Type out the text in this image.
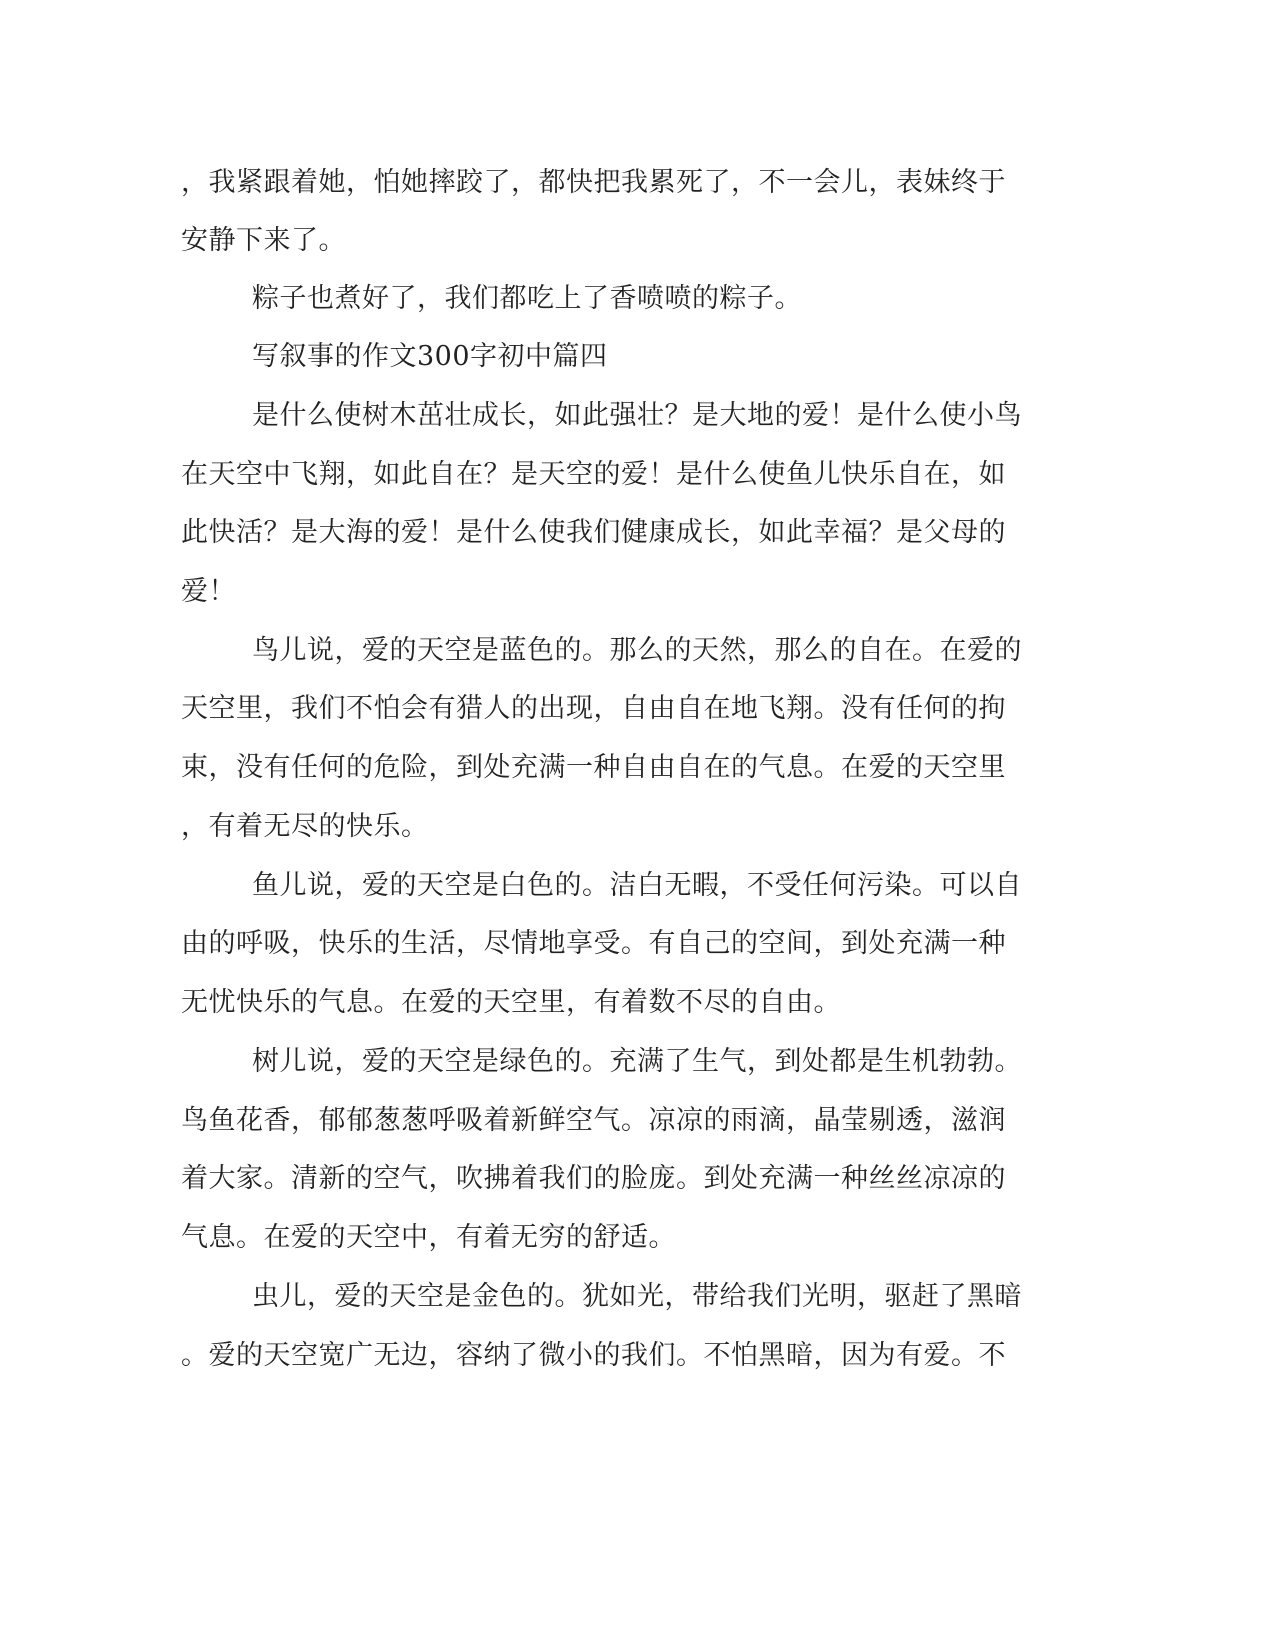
，我紧跟着她，怕她摔跤了，都快把我累死了，不一会儿，表妹终于
安静下来了。
粽子也煮好了，我们都吃上了香喷喷的粽子。
写叙事的作文300字初中篇四
是什么使树木茁壮成长，如此强壮？是大地的爱！是什么使小鸟
在天空中飞翔，如此自在？是天空的爱！是什么使鱼儿快乐自在，如
此快活？是大海的爱！是什么使我们健康成长，如此幸福？是父母的
爱！
鸟儿说，爱的天空是蓝色的。那么的天然，那么的自在。在爱的
天空里，我们不怕会有猎人的出现，自由自在地飞翔。没有任何的拘
束，没有任何的危险，到处充满一种自由自在的气息。在爱的天空里
，有着无尽的快乐。
鱼儿说，爱的天空是白色的。洁白无暇，不受任何污染。可以自
由的呼吸，快乐的生活，尽情地享受。有自己的空间，到处充满一种
无忧快乐的气息。在爱的天空里，有着数不尽的自由。
树儿说，爱的天空是绿色的。充满了生气，到处都是生机勃勃。
鸟鱼花香，郁郁葱葱呼吸着新鲜空气。凉凉的雨滴，晶莹剔透，滋润
着大家。清新的空气，吹拂着我们的脸庞。到处充满一种丝丝凉凉的
气息。在爱的天空中，有着无穷的舒适。
虫儿，爱的天空是金色的。犹如光，带给我们光明，驱赶了黑暗
。爱的天空宽广无边，容纳了微小的我们。不怕黑暗，因为有爱。不
